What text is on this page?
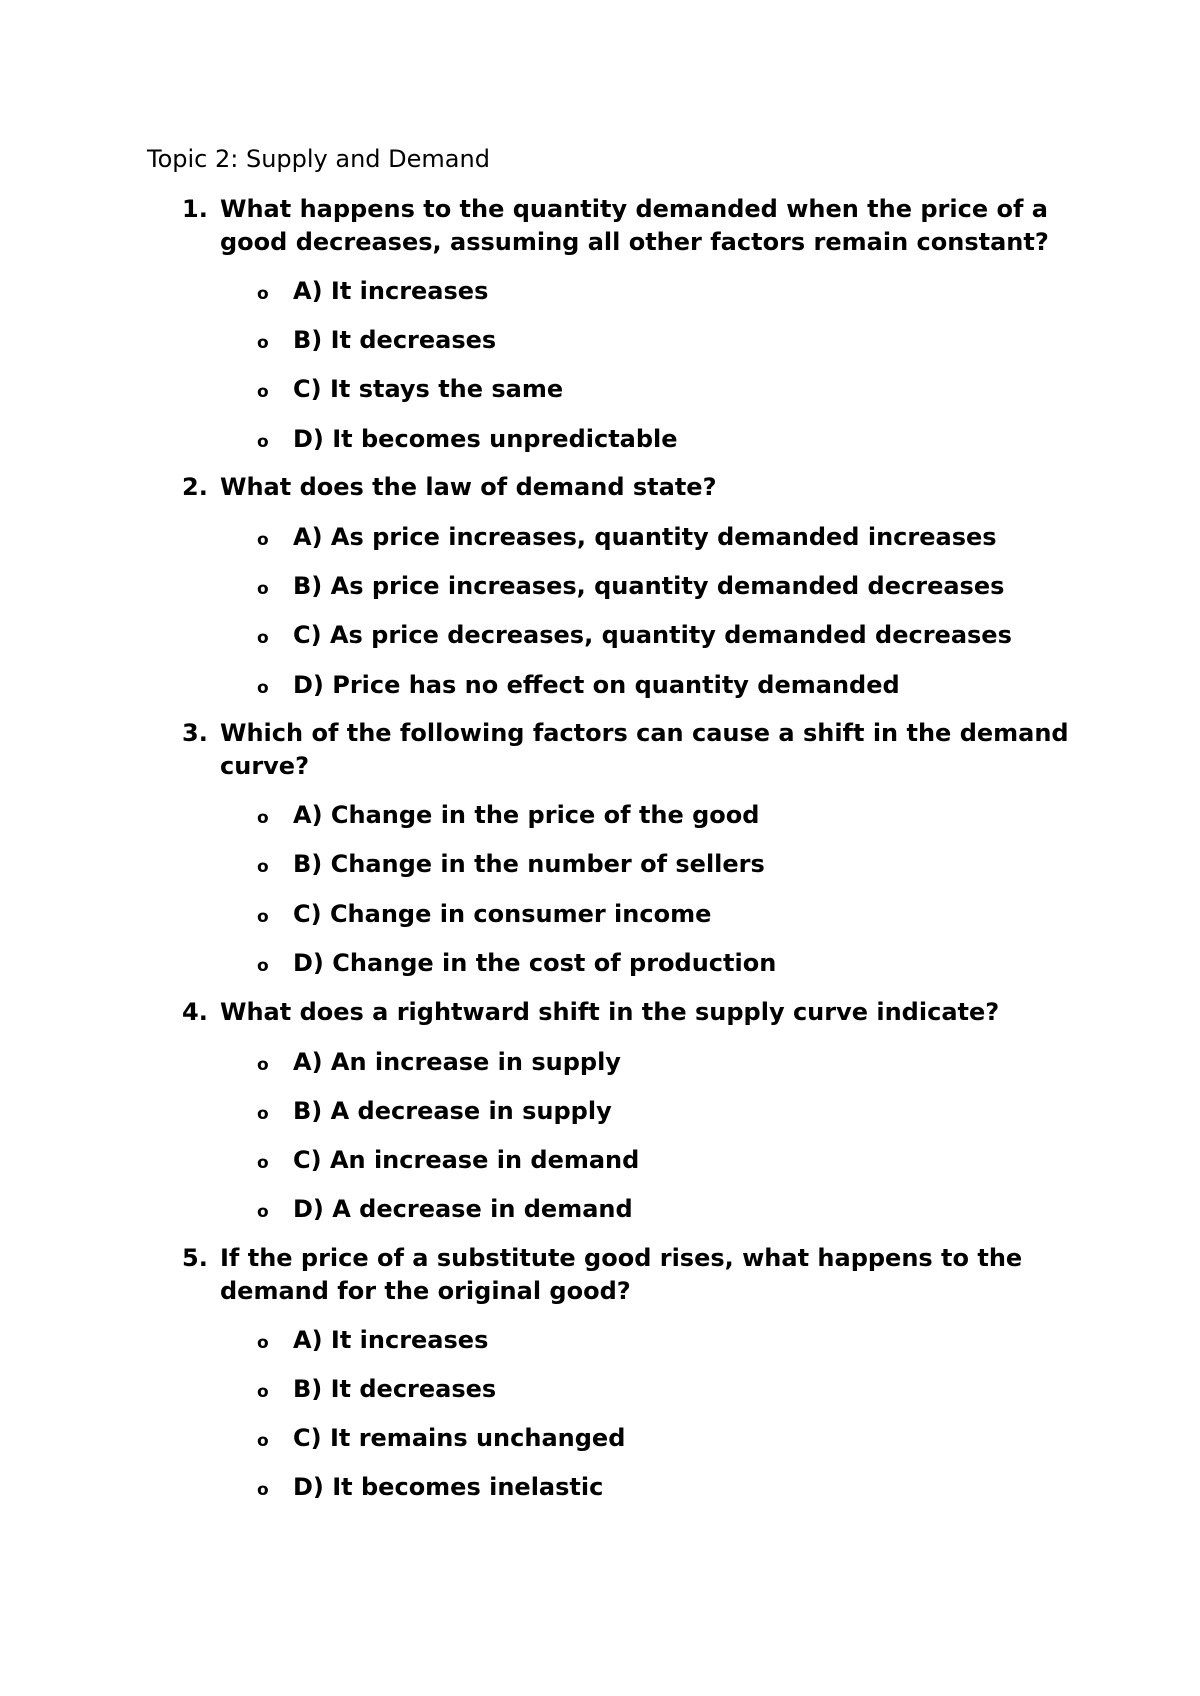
Topic 2: Supply and Demand
1. What happens to the quantity demanded when the price of a good decreases, assuming all other factors remain constant?
o A) It increases
o B) It decreases
o C) It stays the same
o D) It becomes unpredictable
2. What does the law of demand state?
o A) As price increases, quantity demanded increases
o B) As price increases, quantity demanded decreases
o C) As price decreases, quantity demanded decreases
o D) Price has no effect on quantity demanded
3. Which of the following factors can cause a shift in the demand curve?
o A) Change in the price of the good
o B) Change in the number of sellers
o C) Change in consumer income
o D) Change in the cost of production
4. What does a rightward shift in the supply curve indicate?
o A) An increase in supply
o B) A decrease in supply
o C) An increase in demand
o D) A decrease in demand
5. If the price of a substitute good rises, what happens to the demand for the original good?
o A) It increases
o B) It decreases
o C) It remains unchanged
o D) It becomes inelastic
